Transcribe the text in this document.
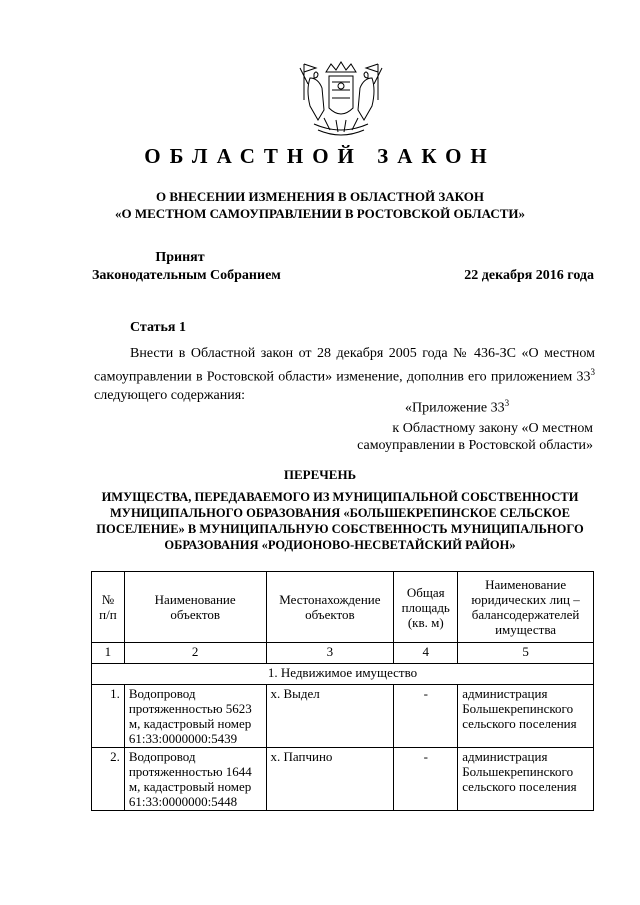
ОБЛАСТНОЙ ЗАКОН
О ВНЕСЕНИИ ИЗМЕНЕНИЯ В ОБЛАСТНОЙ ЗАКОН
«О МЕСТНОМ САМОУПРАВЛЕНИИ В РОСТОВСКОЙ ОБЛАСТИ»
Принят
Законодательным Собранием	22 декабря 2016 года
Статья 1
Внести в Областной закон от 28 декабря 2005 года № 436-ЗС «О местном самоуправлении в Ростовской области» изменение, дополнив его приложением $33^3$ следующего содержания:
«Приложение $33^3$
к Областному закону «О местном
самоуправлении в Ростовской области»
ПЕРЕЧЕНЬ
ИМУЩЕСТВА, ПЕРЕДАВАЕМОГО ИЗ МУНИЦИПАЛЬНОЙ СОБСТВЕННОСТИ МУНИЦИПАЛЬНОГО ОБРАЗОВАНИЯ «БОЛЬШЕКРЕПИНСКОЕ СЕЛЬСКОЕ ПОСЕЛЕНИЕ» В МУНИЦИПАЛЬНУЮ СОБСТВЕННОСТЬ МУНИЦИПАЛЬНОГО ОБРАЗОВАНИЯ «РОДИОНОВО-НЕСВЕТАЙСКИЙ РАЙОН»
№ п/п	Наименование объектов	Местонахождение объектов	Общая площадь (кв. м)	Наименование юридических лиц – балансодержателей имущества
1	2	3	4	5
1. Недвижимое имущество				
1.	Водопровод протяженностью 5623 м, кадастровый номер 61:33:0000000:5439	х. Выдел	-	администрация Большекрепинского сельского поселения
2.	Водопровод протяженностью 1644 м, кадастровый номер 61:33:0000000:5448	х. Папчино	-	администрация Большекрепинского сельского поселения
